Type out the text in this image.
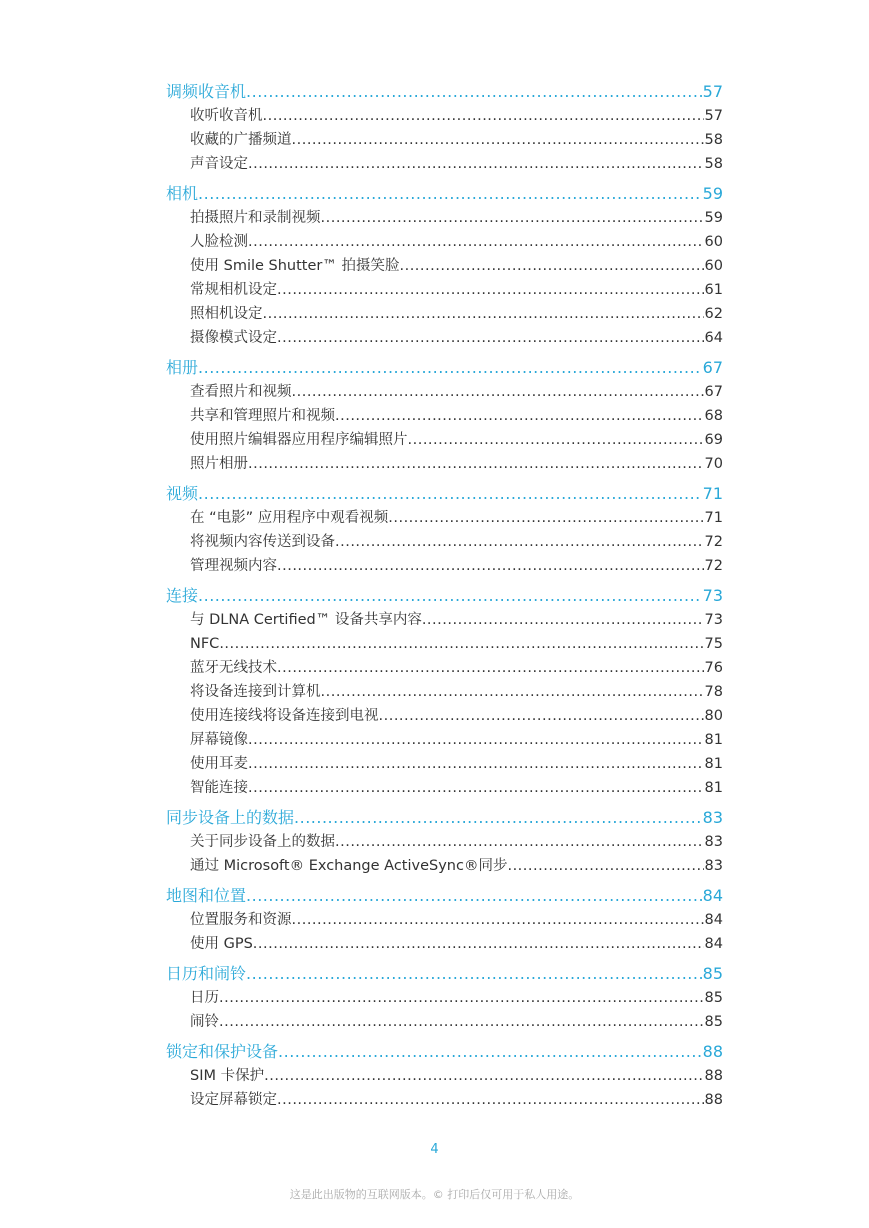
调频收音机 .....	57
收听收音机 .....	57
收藏的广播频道 .....	58
声音设定 .....	58
相机 .....	59
拍摄照片和录制视频 .....	59
人脸检测 .....	60
使用 Smile Shutter™ 拍摄笑脸 .....	60
常规相机设定 .....	61
照相机设定 .....	62
摄像模式设定 .....	64
相册 .....	67
查看照片和视频 .....	67
共享和管理照片和视频 .....	68
使用照片编辑器应用程序编辑照片 .....	69
照片相册 .....	70
视频 .....	71
在 “电影” 应用程序中观看视频 .....	71
将视频内容传送到设备 .....	72
管理视频内容 .....	72
连接 .....	73
与 DLNA Certified™ 设备共享内容 .....	73
NFC .....	75
蓝牙无线技术 .....	76
将设备连接到计算机 .....	78
使用连接线将设备连接到电视 .....	80
屏幕镜像 .....	81
使用耳麦 .....	81
智能连接 .....	81
同步设备上的数据 .....	83
关于同步设备上的数据 .....	83
通过 Microsoft® Exchange ActiveSync®同步 .....	83
地图和位置 .....	84
位置服务和资源 .....	84
使用 GPS .....	84
日历和闹铃 .....	85
日历 .....	85
闹铃 .....	85
锁定和保护设备 .....	88
SIM 卡保护 .....	88
设定屏幕锁定 .....	88
4
这是此出版物的互联网版本。© 打印后仅可用于私人用途。
